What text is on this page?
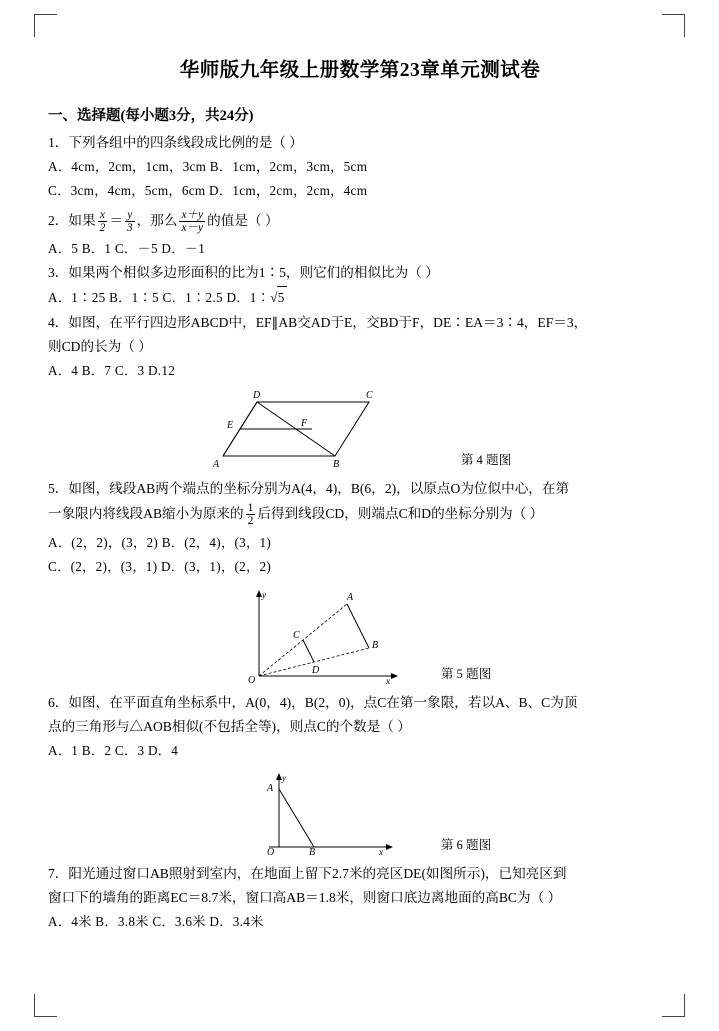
华师版九年级上册数学第23章单元测试卷
一、选择题(每小题3分，共24分)
1．下列各组中的四条线段成比例的是（ ）
A．4cm，2cm，1cm，3cm B．1cm，2cm，3cm，5cm
C．3cm，4cm，5cm，6cm D．1cm，2cm，2cm，4cm
2．如果 $\frac{x}{2} = \frac{y}{3}$ ，那么 $\frac{x+y}{x-y}$ 的值是（ ）
A．5 B．1 C．－5 D．－1
3．如果两个相似多边形面积的比为1∶5，则它们的相似比为（ ）
A．1∶25 B．1∶5 C．1∶2.5 D．1∶√5
4．如图，在平行四边形ABCD中，EF∥AB交AD于E，交BD于F，DE∶EA＝3∶4，EF＝3，
则CD的长为（ ）
A．4 B．7 C．3 D.12
D	C
E	F
A	B	第 4 题图
5．如图，线段AB两个端点的坐标分别为A(4，4)，B(6，2)，以原点O为位似中心，在第
一象限内将线段AB缩小为原来的 $\frac{1}{2}$ 后得到线段CD，则端点C和D的坐标分别为（ ）
A．(2，2)，(3，2) B．(2，4)，(3，1)
C．(2，2)，(3，1) D．(3，1)，(2，2)
y	A
C
B
D
O	x	第 5 题图
6．如图，在平面直角坐标系中，A(0，4)，B(2，0)，点C在第一象限，若以A、B、C为顶
点的三角形与△AOB相似(不包括全等)，则点C的个数是（ ）
A．1 B．2 C．3 D．4
y
A
O	B	x	第 6 题图
7．阳光通过窗口AB照射到室内，在地面上留下2.7米的亮区DE(如图所示)，已知亮区到
窗口下的墙角的距离EC＝8.7米，窗口高AB＝1.8米，则窗口底边离地面的高BC为（ ）
A．4米 B．3.8米 C．3.6米 D．3.4米
